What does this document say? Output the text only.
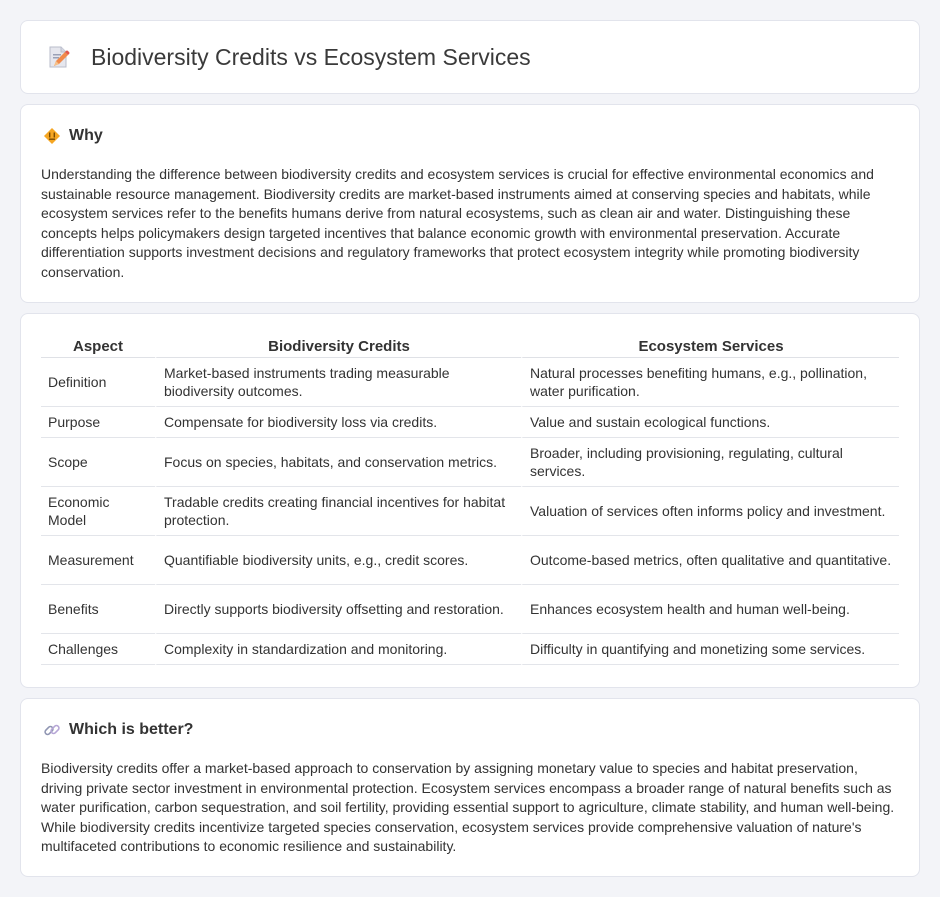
Biodiversity Credits vs Ecosystem Services
Why

Understanding the difference between biodiversity credits and ecosystem services is crucial for effective environmental economics and sustainable resource management. Biodiversity credits are market-based instruments aimed at conserving species and habitats, while ecosystem services refer to the benefits humans derive from natural ecosystems, such as clean air and water. Distinguishing these concepts helps policymakers design targeted incentives that balance economic growth with environmental preservation. Accurate differentiation supports investment decisions and regulatory frameworks that protect ecosystem integrity while promoting biodiversity conservation.

Aspect	Biodiversity Credits	Ecosystem Services
Definition	Market-based instruments trading measurable biodiversity outcomes.	Natural processes benefiting humans, e.g., pollination, water purification.
Purpose	Compensate for biodiversity loss via credits.	Value and sustain ecological functions.
Scope	Focus on species, habitats, and conservation metrics.	Broader, including provisioning, regulating, cultural services.
Economic Model	Tradable credits creating financial incentives for habitat protection.	Valuation of services often informs policy and investment.
Measurement	Quantifiable biodiversity units, e.g., credit scores.	Outcome-based metrics, often qualitative and quantitative.
Benefits	Directly supports biodiversity offsetting and restoration.	Enhances ecosystem health and human well-being.
Challenges	Complexity in standardization and monitoring.	Difficulty in quantifying and monetizing some services.
Which is better?

Biodiversity credits offer a market-based approach to conservation by assigning monetary value to species and habitat preservation, driving private sector investment in environmental protection. Ecosystem services encompass a broader range of natural benefits such as water purification, carbon sequestration, and soil fertility, providing essential support to agriculture, climate stability, and human well-being. While biodiversity credits incentivize targeted species conservation, ecosystem services provide comprehensive valuation of nature's multifaceted contributions to economic resilience and sustainability.
